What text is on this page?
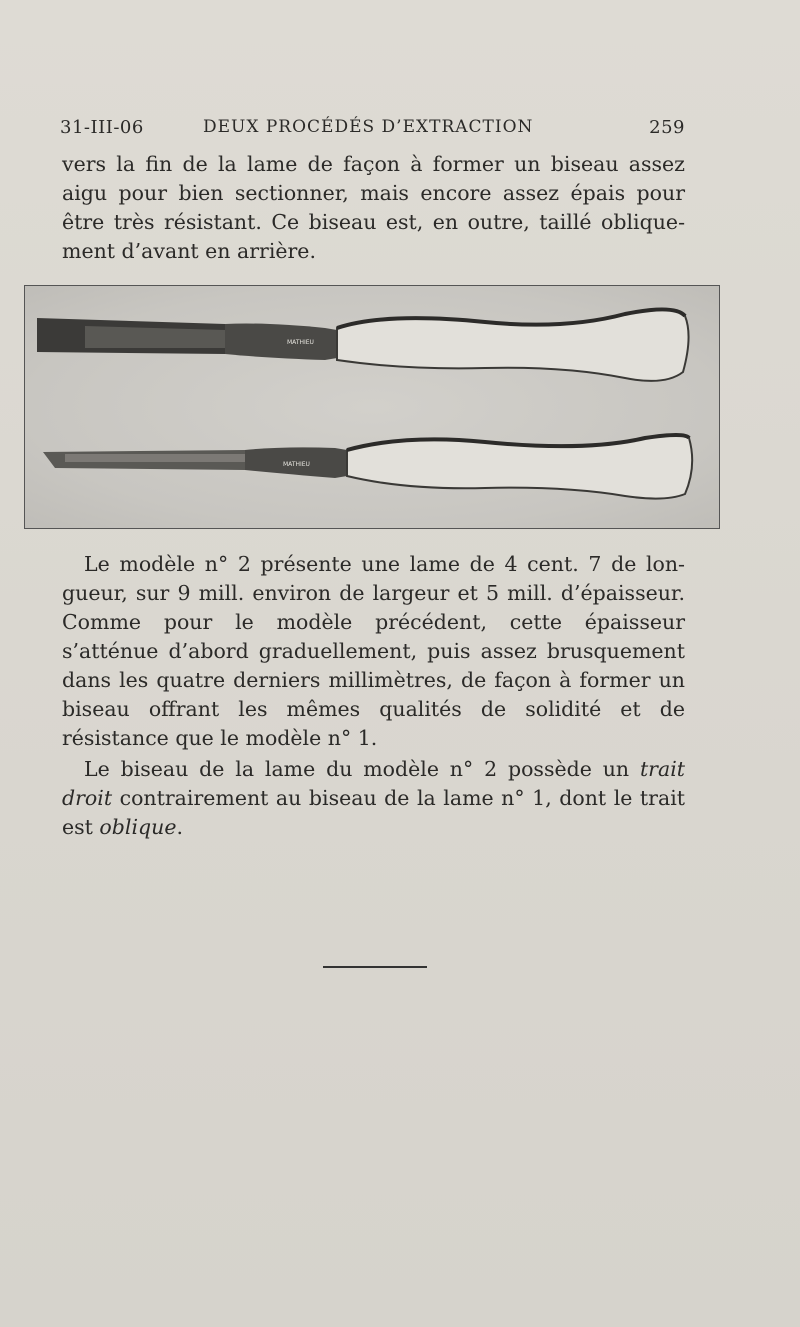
31-III-06	DEUX PROCÉDÉS D’EXTRACTION	259
vers la fin de la lame de façon à former un biseau assez aigu pour bien sectionner, mais encore assez épais pour être très résistant. Ce biseau est, en outre, taillé oblique-ment d’avant en arrière.
MATHIEU
MATHIEU
Le modèle n° 2 présente une lame de 4 cent. 7 de lon-gueur, sur 9 mill. environ de largeur et 5 mill. d’épaisseur. Comme pour le modèle précédent, cette épaisseur s’atténue d’abord graduellement, puis assez brusquement dans les quatre derniers millimètres, de façon à former un biseau offrant les mêmes qualités de solidité et de résistance que le modèle n° 1.
Le biseau de la lame du modèle n° 2 possède un trait droit contrairement au biseau de la lame n° 1, dont le trait est oblique.
